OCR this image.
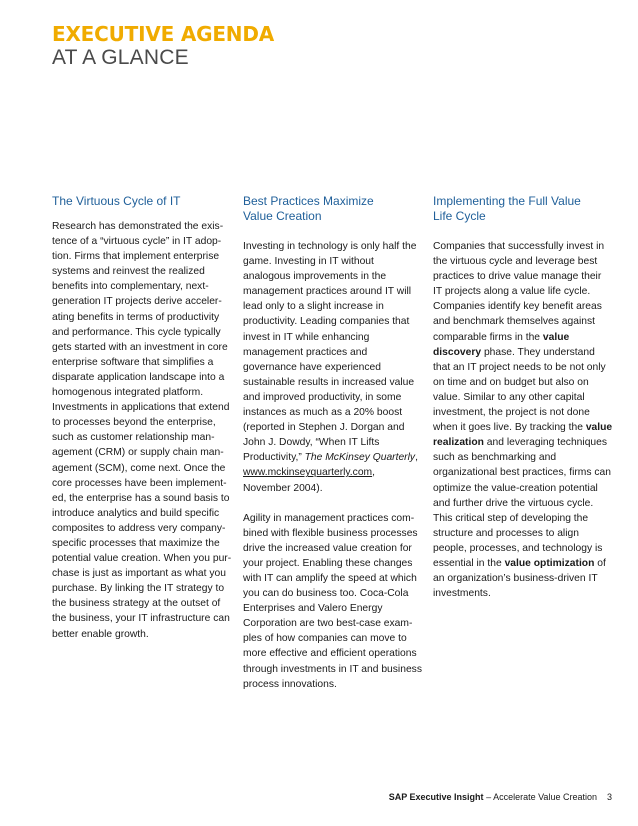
EXECUTIVE AGENDA
AT A GLANCE
The Virtuous Cycle of IT

Research has demonstrated the existence of a “virtuous cycle” in IT adoption. Firms that implement enterprise systems and reinvest the realized benefits into complementary, next-generation IT projects derive accelerating benefits in terms of productivity and performance. This cycle typically gets started with an investment in core enterprise software that simplifies a disparate application landscape into a homogenous integrated platform. Investments in applications that extend to processes beyond the enterprise, such as customer relationship management (CRM) or supply chain management (SCM), come next. Once the core processes have been implemented, the enterprise has a sound basis to introduce analytics and build specific composites to address very company-specific processes that maximize the potential value creation. When you purchase is just as important as what you purchase. By linking the IT strategy to the business strategy at the outset of the business, your IT infrastructure can better enable growth.

Best Practices Maximize
Value Creation

Investing in technology is only half the game. Investing in IT without analogous improvements in the management practices around IT will lead only to a slight increase in productivity. Leading companies that invest in IT while enhancing management practices and governance have experienced sustainable results in increased value and improved productivity, in some instances as much as a 20% boost (reported in Stephen J. Dorgan and John J. Dowdy, “When IT Lifts Productivity,” The McKinsey Quarterly, www.mckinseyquarterly.com, November 2004).

Agility in management practices combined with flexible business processes drive the increased value creation for your project. Enabling these changes with IT can amplify the speed at which you can do business too. Coca-Cola Enterprises and Valero Energy Corporation are two best-case examples of how companies can move to more effective and efficient operations through investments in IT and business process innovations.

Implementing the Full Value
Life Cycle

Companies that successfully invest in the virtuous cycle and leverage best practices to drive value manage their IT projects along a value life cycle. Companies identify key benefit areas and benchmark themselves against comparable firms in the value discovery phase. They understand that an IT project needs to be not only on time and on budget but also on value. Similar to any other capital investment, the project is not done when it goes live. By tracking the value realization and leveraging techniques such as benchmarking and organizational best practices, firms can optimize the value-creation potential and further drive the virtuous cycle. This critical step of developing the structure and processes to align people, processes, and technology is essential in the value optimization of an organization’s business-driven IT investments.

SAP Executive Insight – Accelerate Value Creation 3
